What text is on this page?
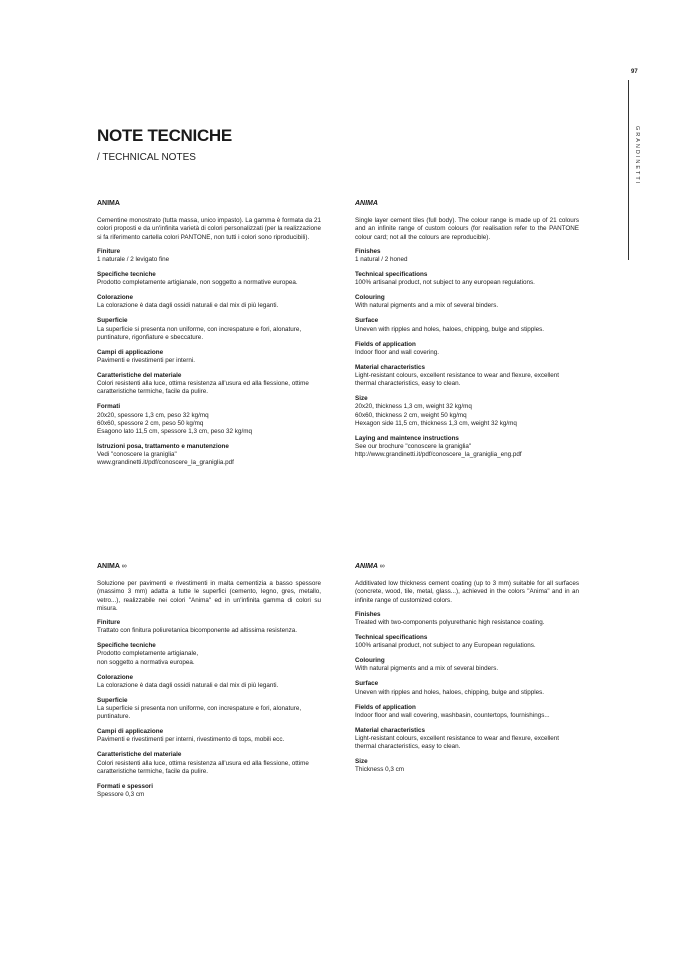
97
GRANDINETTI
NOTE TECNICHE
/ TECHNICAL NOTES
ANIMA

Cementine monostrato (tutta massa, unico impasto). La gamma è formata da 21 colori proposti e da un'infinita varietà di colori personalizzati (per la realizzazione si fa riferimento cartella colori PANTONE, non tutti i colori sono riproducibili).

Finiture
1 naturale / 2 levigato fine
Specifiche tecniche
Prodotto completamente artigianale, non soggetto a normative europea.
Colorazione
La colorazione è data dagli ossidi naturali e dal mix di più leganti.
Superficie
La superficie si presenta non uniforme, con increspature e fori, alonature, puntinature, rigonfiature e sbeccature.
Campi di applicazione
Pavimenti e rivestimenti per interni.
Caratteristiche del materiale
Colori resistenti alla luce, ottima resistenza all'usura ed alla flessione, ottime caratteristiche termiche, facile da pulire.
Formati
20x20, spessore 1,3 cm, peso 32 kg/mq
60x60, spessore 2 cm, peso 50 kg/mq
Esagono lato 11,5 cm, spessore 1,3 cm, peso 32 kg/mq
Istruzioni posa, trattamento e manutenzione
Vedi "conoscere la graniglia"
www.grandinetti.it/pdf/conoscere_la_graniglia.pdf
ANIMA

Single layer cement tiles (full body). The colour range is made up of 21 colours and an infinite range of custom colours (for realisation refer to the PANTONE colour card; not all the colours are reproducible).

Finishes
1 natural / 2 honed
Technical specifications
100% artisanal product, not subject to any european regulations.
Colouring
With natural pigments and a mix of several binders.
Surface
Uneven with ripples and holes, haloes, chipping, bulge and stipples.
Fields of application
Indoor floor and wall covering.
Material characteristics
Light-resistant colours, excellent resistance to wear and flexure, excellent thermal characteristics, easy to clean.
Size
20x20, thickness 1,3 cm, weight 32 kg/mq
60x60, thickness 2 cm, weight 50 kg/mq
Hexagon side 11,5 cm, thickness 1,3 cm, weight 32 kg/mq
Laying and maintence instructions
See our brochure "conoscere la graniglia"
http://www.grandinetti.it/pdf/conoscere_la_graniglia_eng.pdf
ANIMA ∞

Soluzione per pavimenti e rivestimenti in malta cementizia a basso spessore (massimo 3 mm) adatta a tutte le superfici (cemento, legno, gres, metallo, vetro...), realizzabile nei colori "Anima" ed in un'infinita gamma di colori su misura.

Finiture
Trattato con finitura poliuretanica bicomponente ad altissima resistenza.
Specifiche tecniche
Prodotto completamente artigianale,
non soggetto a normativa europea.
Colorazione
La colorazione è data dagli ossidi naturali e dal mix di più leganti.
Superficie
La superficie si presenta non uniforme, con increspature e fori, alonature, puntinature.
Campi di applicazione
Pavimenti e rivestimenti per interni, rivestimento di tops, mobili ecc.
Caratteristiche del materiale
Colori resistenti alla luce, ottima resistenza all'usura ed alla flessione, ottime caratteristiche termiche, facile da pulire.
Formati e spessori
Spessore 0,3 cm
ANIMA ∞

Additivated low thickness cement coating (up to 3 mm) suitable for all surfaces (concrete, wood, tile, metal, glass...), achieved in the colors "Anima" and in an infinite range of customized colors.

Finishes
Treated with two-components polyurethanic high resistance coating.
Technical specifications
100% artisanal product, not subject to any European regulations.
Colouring
With natural pigments and a mix of several binders.
Surface
Uneven with ripples and holes, haloes, chipping, bulge and stipples.
Fields of application
Indoor floor and wall covering, washbasin, countertops, fournishings...
Material characteristics
Light-resistant colours, excellent resistance to wear and flexure, excellent thermal characteristics, easy to clean.
Size
Thickness 0,3 cm
